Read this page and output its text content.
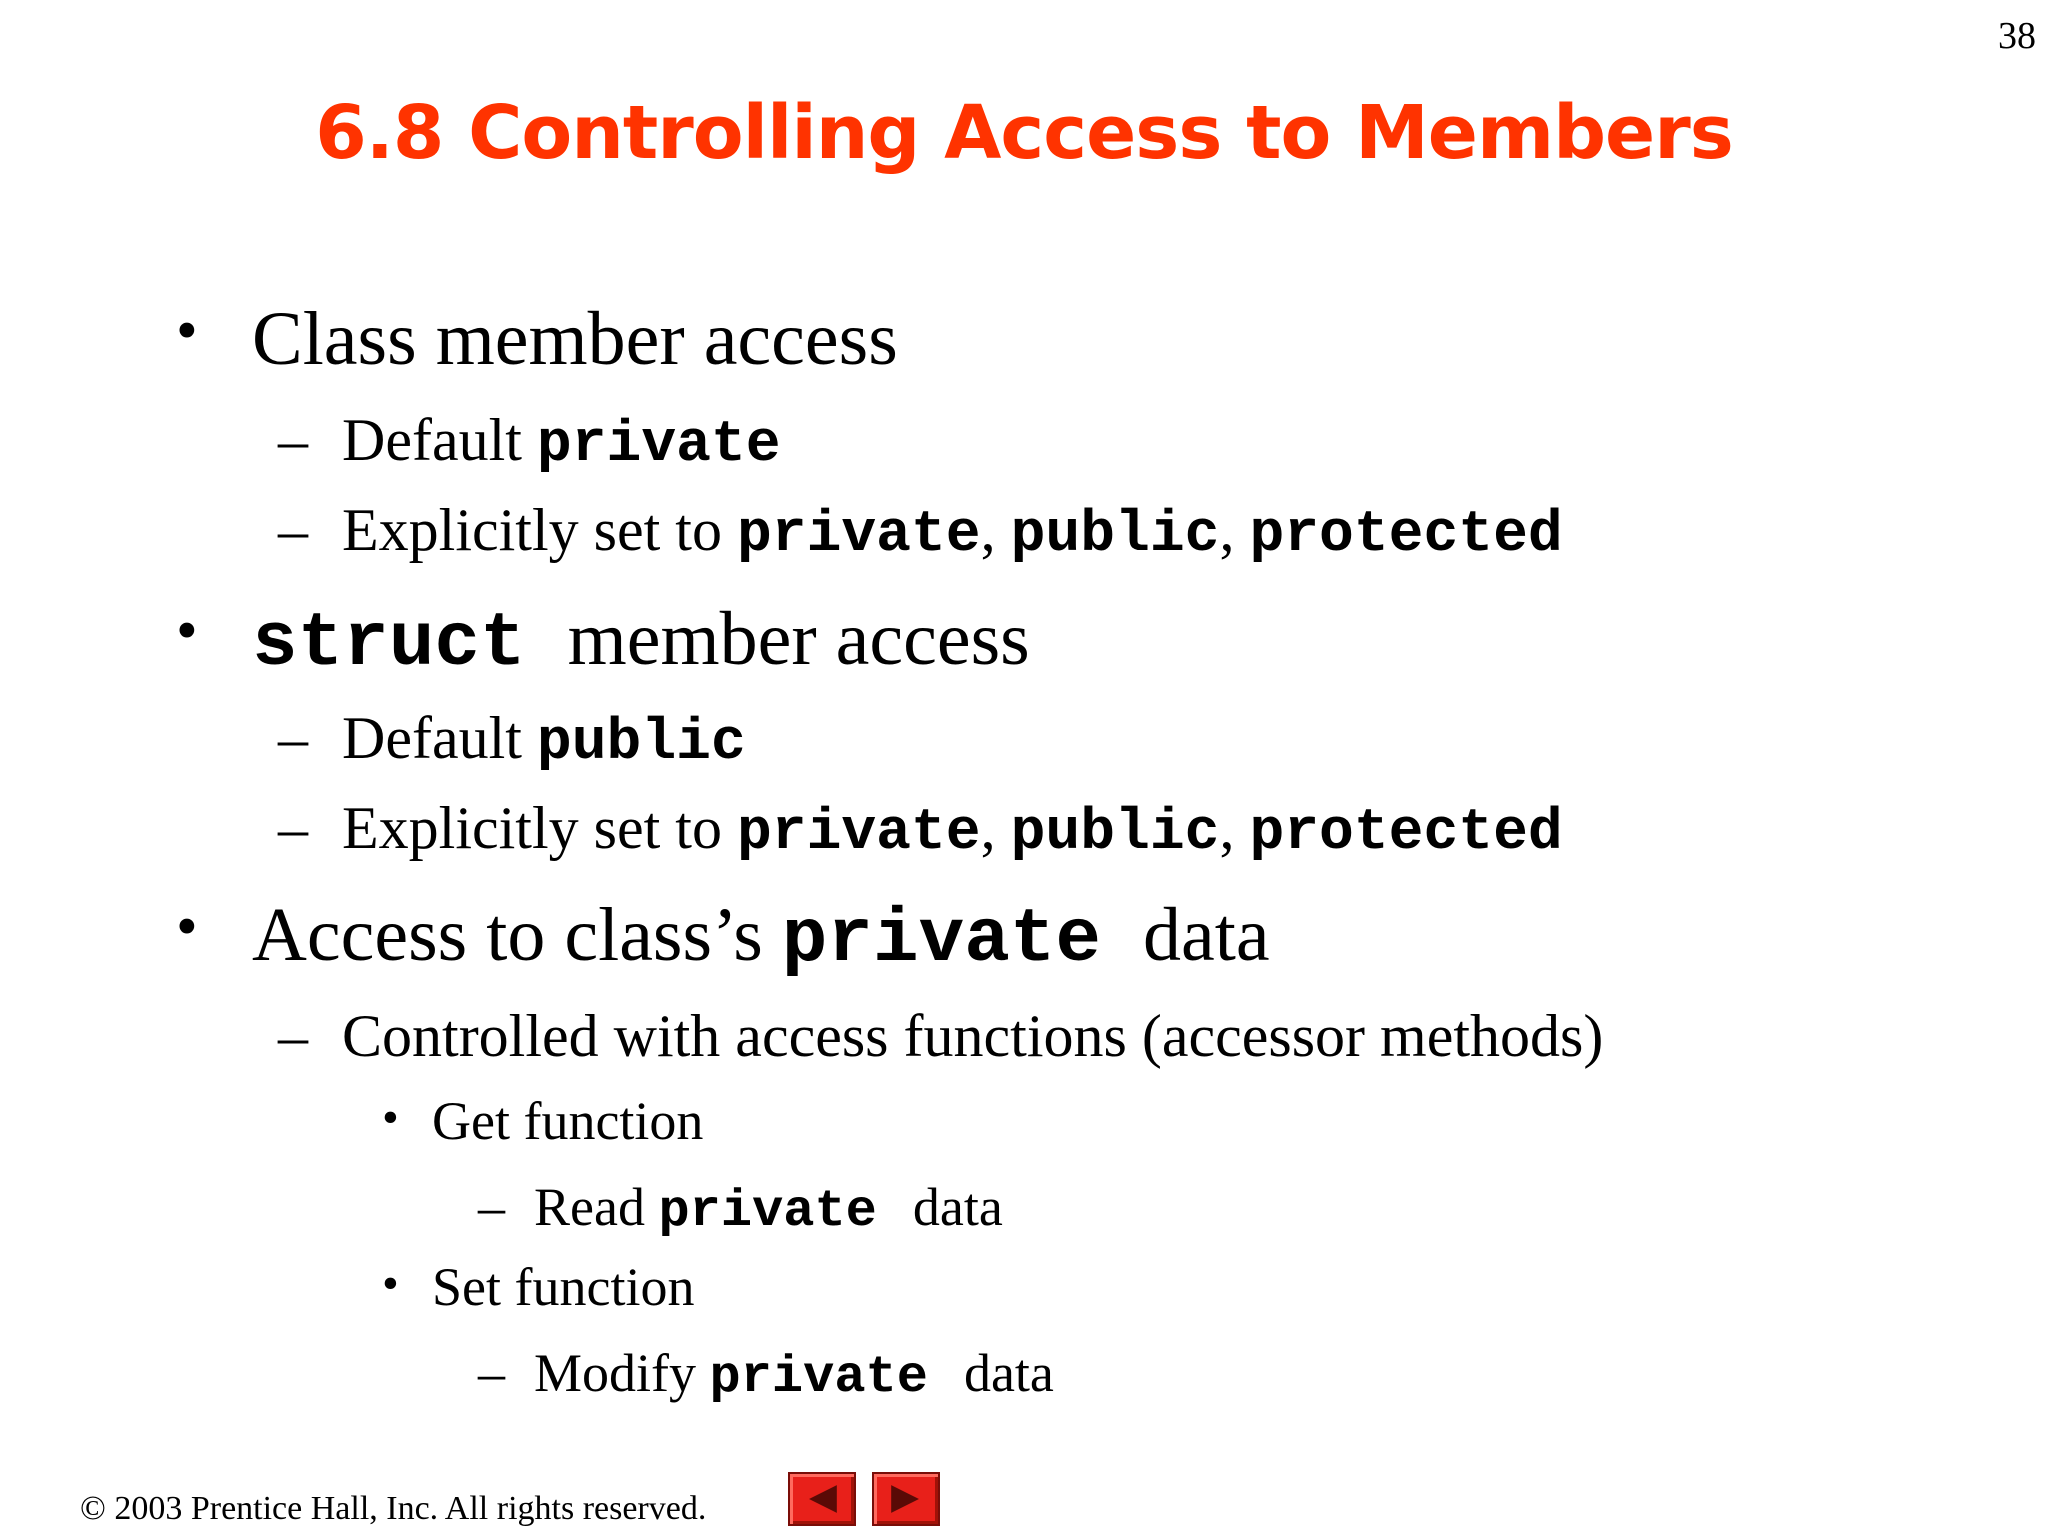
38
6.8 Controlling Access to Members
• Class member access
– Default private
– Explicitly set to private, public, protected
• struct member access
– Default public
– Explicitly set to private, public, protected
• Access to class’s private data
– Controlled with access functions (accessor methods)
• Get function
– Read private data
• Set function
– Modify private data
© 2003 Prentice Hall, Inc. All rights reserved.
